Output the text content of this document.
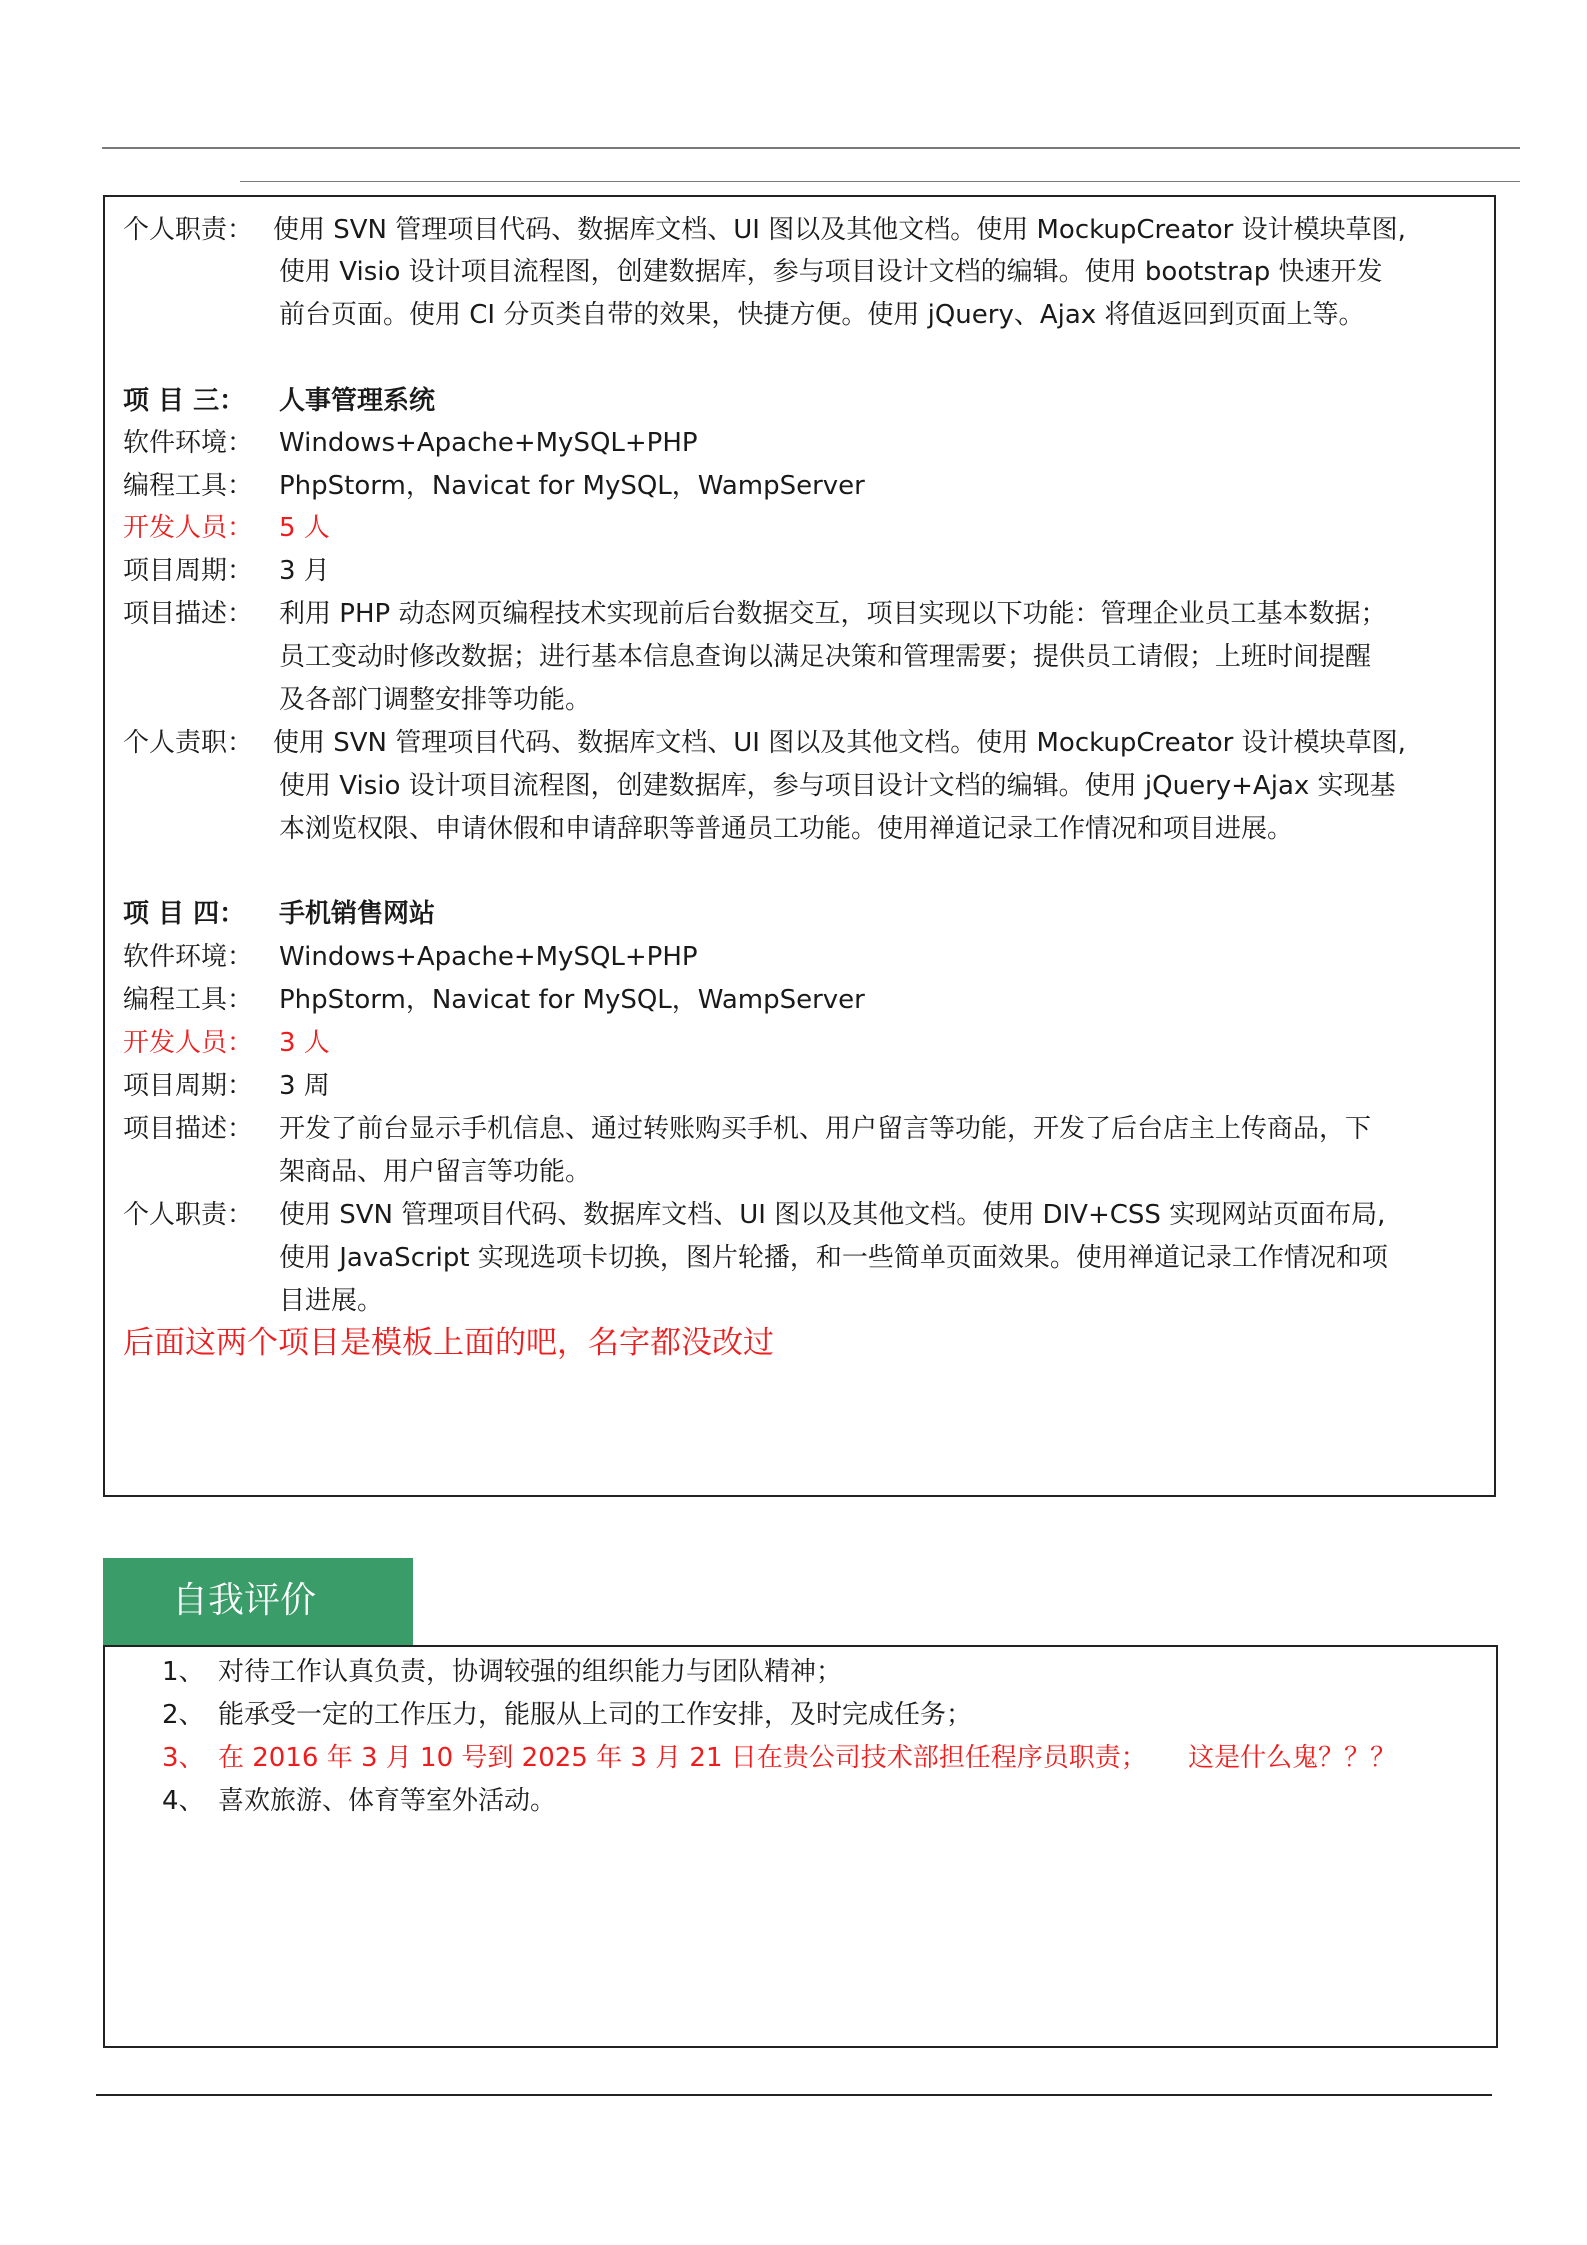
个人职责： 使用 SVN 管理项目代码、数据库文档、UI 图以及其他文档。使用 MockupCreator 设计模块草图,
使用 Visio 设计项目流程图，创建数据库，参与项目设计文档的编辑。使用 bootstrap 快速开发
前台页面。使用 CI 分页类自带的效果，快捷方便。使用 jQuery、Ajax 将值返回到页面上等。
项 目 三：	人事管理系统
软件环境： Windows+Apache+MySQL+PHP
编程工具： PhpStorm，Navicat for MySQL，WampServer
开发人员： 5 人
项目周期： 3 月
项目描述： 利用 PHP 动态网页编程技术实现前后台数据交互，项目实现以下功能：管理企业员工基本数据；
员工变动时修改数据；进行基本信息查询以满足决策和管理需要；提供员工请假；上班时间提醒
及各部门调整安排等功能。
个人责职： 使用 SVN 管理项目代码、数据库文档、UI 图以及其他文档。使用 MockupCreator 设计模块草图,
使用 Visio 设计项目流程图，创建数据库，参与项目设计文档的编辑。使用 jQuery+Ajax 实现基
本浏览权限、申请休假和申请辞职等普通员工功能。使用禅道记录工作情况和项目进展。
项 目 四：	手机销售网站
软件环境： Windows+Apache+MySQL+PHP
编程工具： PhpStorm，Navicat for MySQL，WampServer
开发人员： 3 人
项目周期： 3 周
项目描述： 开发了前台显示手机信息、通过转账购买手机、用户留言等功能，开发了后台店主上传商品，下
架商品、用户留言等功能。
个人职责： 使用 SVN 管理项目代码、数据库文档、UI 图以及其他文档。使用 DIV+CSS 实现网站页面布局,
使用 JavaScript 实现选项卡切换，图片轮播，和一些简单页面效果。使用禅道记录工作情况和项
目进展。
后面这两个项目是模板上面的吧，名字都没改过
自我评价
1、 对待工作认真负责，协调较强的组织能力与团队精神；
2、 能承受一定的工作压力，能服从上司的工作安排，及时完成任务；
3、 在 2016 年 3 月 10 号到 2025 年 3 月 21 日在贵公司技术部担任程序员职责；     这是什么鬼？？？
4、 喜欢旅游、体育等室外活动。
